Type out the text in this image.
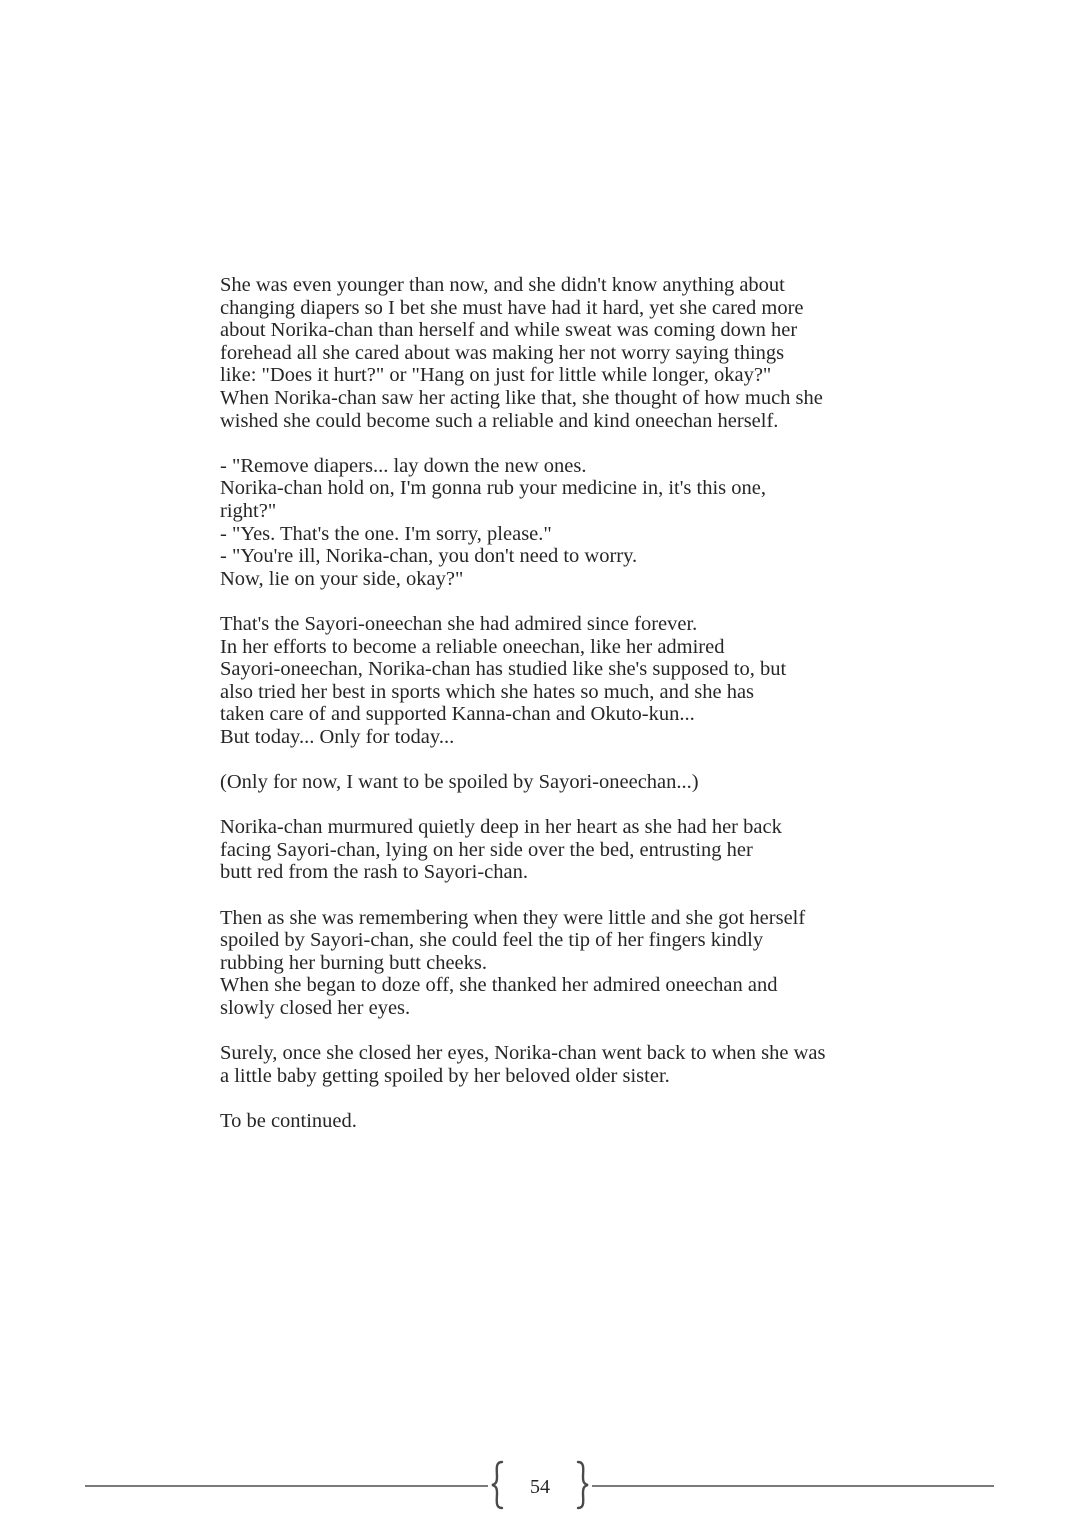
She was even younger than now, and she didn't know anything about
changing diapers so I bet she must have had it hard, yet she cared more
about Norika-chan than herself and while sweat was coming down her
forehead all she cared about was making her not worry saying things
like: "Does it hurt?" or "Hang on just for little while longer, okay?"
When Norika-chan saw her acting like that, she thought of how much she
wished she could become such a reliable and kind oneechan herself.

- "Remove diapers... lay down the new ones.
Norika-chan hold on, I'm gonna rub your medicine in, it's this one,
right?"
- "Yes. That's the one. I'm sorry, please."
- "You're ill, Norika-chan, you don't need to worry.
Now, lie on your side, okay?"

That's the Sayori-oneechan she had admired since forever.
In her efforts to become a reliable oneechan, like her admired
Sayori-oneechan, Norika-chan has studied like she's supposed to, but
also tried her best in sports which she hates so much, and she has
taken care of and supported Kanna-chan and Okuto-kun...
But today... Only for today...

(Only for now, I want to be spoiled by Sayori-oneechan...)

Norika-chan murmured quietly deep in her heart as she had her back
facing Sayori-chan, lying on her side over the bed, entrusting her
butt red from the rash to Sayori-chan.

Then as she was remembering when they were little and she got herself
spoiled by Sayori-chan, she could feel the tip of her fingers kindly
rubbing her burning butt cheeks.
When she began to doze off, she thanked her admired oneechan and
slowly closed her eyes.

Surely, once she closed her eyes, Norika-chan went back to when she was
a little baby getting spoiled by her beloved older sister.

To be continued.

54
